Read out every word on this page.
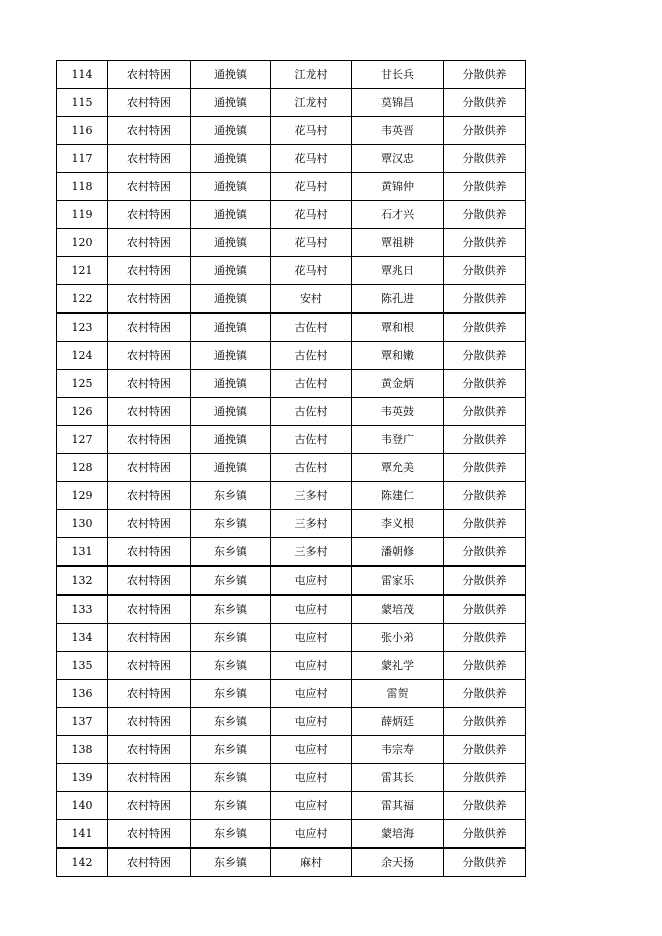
114	农村特困	通挽镇	江龙村	甘长兵	分散供养
115	农村特困	通挽镇	江龙村	莫锦昌	分散供养
116	农村特困	通挽镇	花马村	韦英晋	分散供养
117	农村特困	通挽镇	花马村	覃汉忠	分散供养
118	农村特困	通挽镇	花马村	黄锦仲	分散供养
119	农村特困	通挽镇	花马村	石才兴	分散供养
120	农村特困	通挽镇	花马村	覃祖耕	分散供养
121	农村特困	通挽镇	花马村	覃兆日	分散供养
122	农村特困	通挽镇	安村	陈孔进	分散供养
123	农村特困	通挽镇	古佐村	覃和根	分散供养
124	农村特困	通挽镇	古佐村	覃和嫩	分散供养
125	农村特困	通挽镇	古佐村	黄金炳	分散供养
126	农村特困	通挽镇	古佐村	韦英鼓	分散供养
127	农村特困	通挽镇	古佐村	韦登广	分散供养
128	农村特困	通挽镇	古佐村	覃允美	分散供养
129	农村特困	东乡镇	三多村	陈建仁	分散供养
130	农村特困	东乡镇	三多村	李义根	分散供养
131	农村特困	东乡镇	三多村	潘朝修	分散供养
132	农村特困	东乡镇	屯应村	雷家乐	分散供养
133	农村特困	东乡镇	屯应村	蒙培茂	分散供养
134	农村特困	东乡镇	屯应村	张小弟	分散供养
135	农村特困	东乡镇	屯应村	蒙礼学	分散供养
136	农村特困	东乡镇	屯应村	雷贺	分散供养
137	农村特困	东乡镇	屯应村	薛炳廷	分散供养
138	农村特困	东乡镇	屯应村	韦宗寿	分散供养
139	农村特困	东乡镇	屯应村	雷其长	分散供养
140	农村特困	东乡镇	屯应村	雷其福	分散供养
141	农村特困	东乡镇	屯应村	蒙培海	分散供养
142	农村特困	东乡镇	麻村	余天扬	分散供养
